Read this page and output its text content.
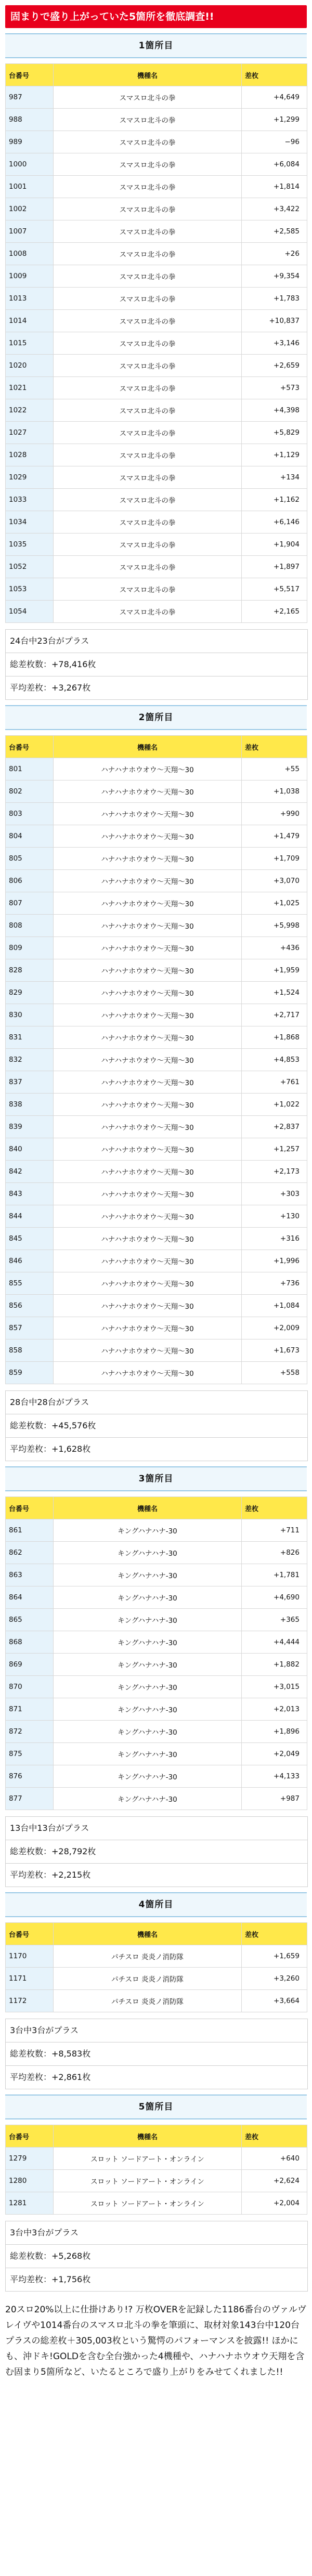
固まりで盛り上がっていた5箇所を徹底調査!!
1箇所目
台番号	機種名	差枚
987	スマスロ北斗の拳	+4,649
988	スマスロ北斗の拳	+1,299
989	スマスロ北斗の拳	−96
1000	スマスロ北斗の拳	+6,084
1001	スマスロ北斗の拳	+1,814
1002	スマスロ北斗の拳	+3,422
1007	スマスロ北斗の拳	+2,585
1008	スマスロ北斗の拳	+26
1009	スマスロ北斗の拳	+9,354
1013	スマスロ北斗の拳	+1,783
1014	スマスロ北斗の拳	+10,837
1015	スマスロ北斗の拳	+3,146
1020	スマスロ北斗の拳	+2,659
1021	スマスロ北斗の拳	+573
1022	スマスロ北斗の拳	+4,398
1027	スマスロ北斗の拳	+5,829
1028	スマスロ北斗の拳	+1,129
1029	スマスロ北斗の拳	+134
1033	スマスロ北斗の拳	+1,162
1034	スマスロ北斗の拳	+6,146
1035	スマスロ北斗の拳	+1,904
1052	スマスロ北斗の拳	+1,897
1053	スマスロ北斗の拳	+5,517
1054	スマスロ北斗の拳	+2,165
24台中23台がプラス
総差枚数：+78,416枚
平均差枚：+3,267枚
2箇所目
台番号	機種名	差枚
801	ハナハナホウオウ〜天翔〜30	+55
802	ハナハナホウオウ〜天翔〜30	+1,038
803	ハナハナホウオウ〜天翔〜30	+990
804	ハナハナホウオウ〜天翔〜30	+1,479
805	ハナハナホウオウ〜天翔〜30	+1,709
806	ハナハナホウオウ〜天翔〜30	+3,070
807	ハナハナホウオウ〜天翔〜30	+1,025
808	ハナハナホウオウ〜天翔〜30	+5,998
809	ハナハナホウオウ〜天翔〜30	+436
828	ハナハナホウオウ〜天翔〜30	+1,959
829	ハナハナホウオウ〜天翔〜30	+1,524
830	ハナハナホウオウ〜天翔〜30	+2,717
831	ハナハナホウオウ〜天翔〜30	+1,868
832	ハナハナホウオウ〜天翔〜30	+4,853
837	ハナハナホウオウ〜天翔〜30	+761
838	ハナハナホウオウ〜天翔〜30	+1,022
839	ハナハナホウオウ〜天翔〜30	+2,837
840	ハナハナホウオウ〜天翔〜30	+1,257
842	ハナハナホウオウ〜天翔〜30	+2,173
843	ハナハナホウオウ〜天翔〜30	+303
844	ハナハナホウオウ〜天翔〜30	+130
845	ハナハナホウオウ〜天翔〜30	+316
846	ハナハナホウオウ〜天翔〜30	+1,996
855	ハナハナホウオウ〜天翔〜30	+736
856	ハナハナホウオウ〜天翔〜30	+1,084
857	ハナハナホウオウ〜天翔〜30	+2,009
858	ハナハナホウオウ〜天翔〜30	+1,673
859	ハナハナホウオウ〜天翔〜30	+558
28台中28台がプラス
総差枚数：+45,576枚
平均差枚：+1,628枚
3箇所目
台番号	機種名	差枚
861	キングハナハナ-30	+711
862	キングハナハナ-30	+826
863	キングハナハナ-30	+1,781
864	キングハナハナ-30	+4,690
865	キングハナハナ-30	+365
868	キングハナハナ-30	+4,444
869	キングハナハナ-30	+1,882
870	キングハナハナ-30	+3,015
871	キングハナハナ-30	+2,013
872	キングハナハナ-30	+1,896
875	キングハナハナ-30	+2,049
876	キングハナハナ-30	+4,133
877	キングハナハナ-30	+987
13台中13台がプラス
総差枚数：+28,792枚
平均差枚：+2,215枚
4箇所目
台番号	機種名	差枚
1170	パチスロ 炎炎ノ消防隊	+1,659
1171	パチスロ 炎炎ノ消防隊	+3,260
1172	パチスロ 炎炎ノ消防隊	+3,664
3台中3台がプラス
総差枚数：+8,583枚
平均差枚：+2,861枚
5箇所目
台番号	機種名	差枚
1279	スロット ソードアート・オンライン	+640
1280	スロット ソードアート・オンライン	+2,624
1281	スロット ソードアート・オンライン	+2,004
3台中3台がプラス
総差枚数：+5,268枚
平均差枚：+1,756枚
20スロ20%以上に仕掛けあり!? 万枚OVERを記録した1186番台のヴァルヴレイヴや1014番台のスマスロ北斗の拳を筆頭に、取材対象143台中120台プラスの総差枚＋305,003枚という驚愕のパフォーマンスを披露!! ほかにも、沖ドキ!GOLDを含む全台強かった4機種や、ハナハナホウオウ天翔を含む固まり5箇所など、いたるところで盛り上がりをみせてくれました!!
